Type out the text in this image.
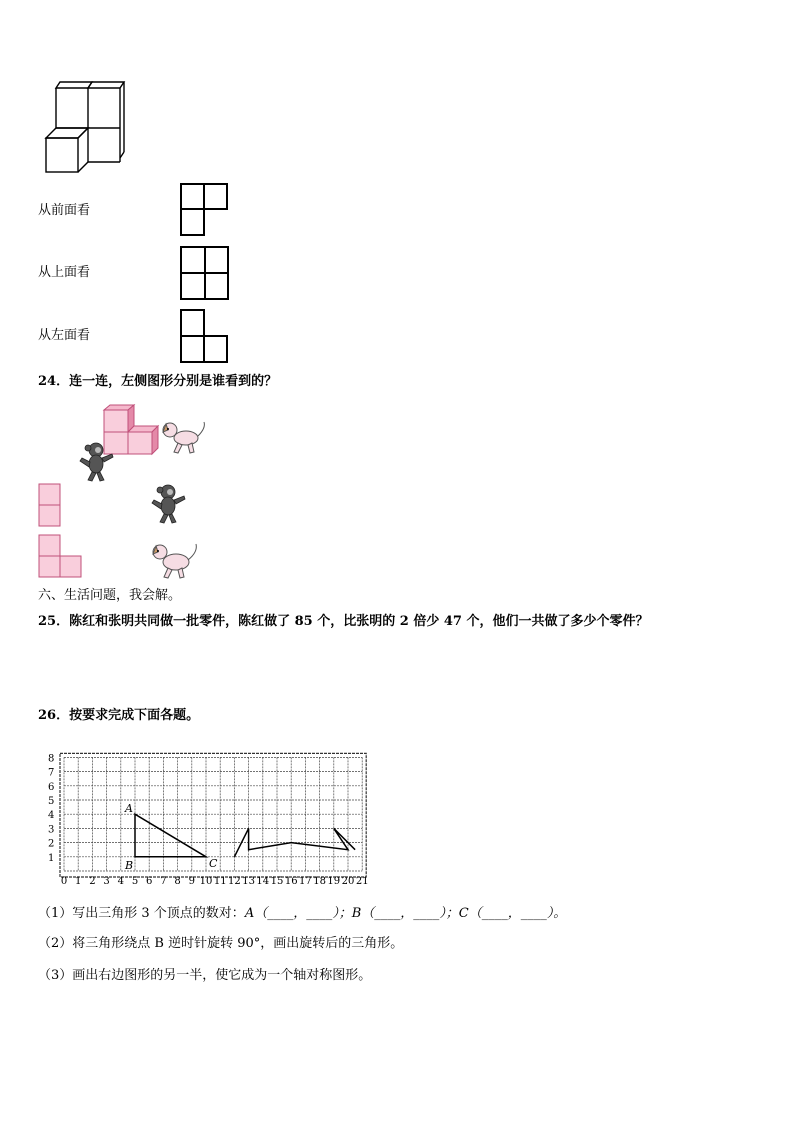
从前面看
从上面看
从左面看
24．连一连，左侧图形分别是谁看到的？
六、生活问题，我会解。
25．陈红和张明共同做一批零件，陈红做了 85 个，比张明的 2 倍少 47 个，他们一共做了多少个零件？
26．按要求完成下面各题。
8
7
6
5
4
3
2
1
0 1 2 3 4 5 6 7 8 9 10 11 12 13 14 15 16 17 18 19 20 21
A
B	C
（1）写出三角形 3 个顶点的数对：A（____，____）；B（____，____）；C（____，____）。
（2）将三角形绕点 B 逆时针旋转 90°，画出旋转后的三角形。
（3）画出右边图形的另一半，使它成为一个轴对称图形。
